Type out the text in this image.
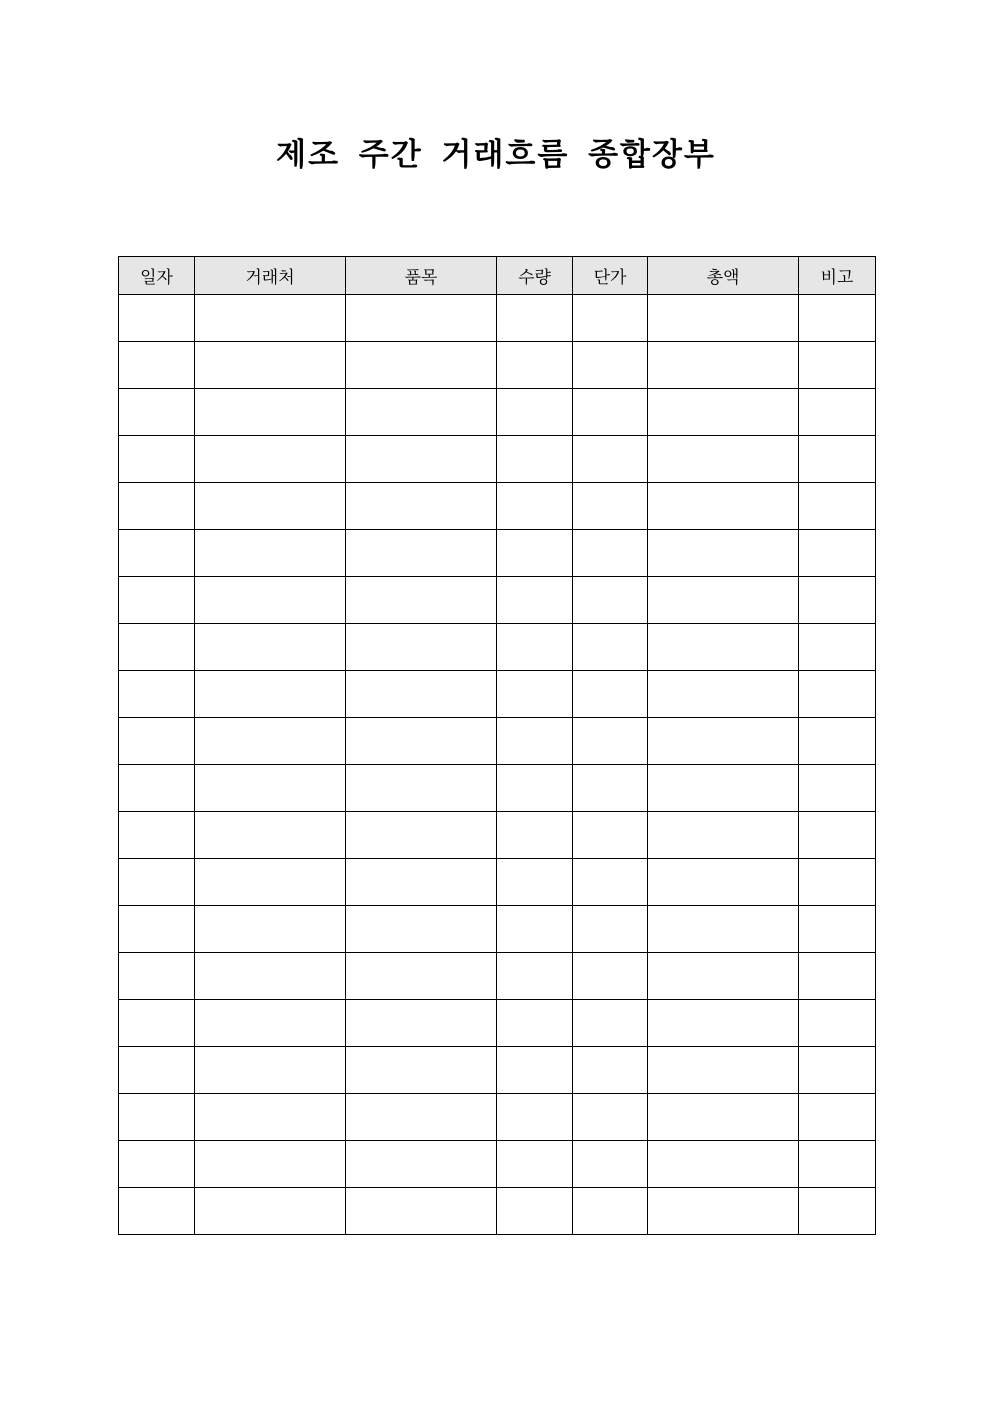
제조 주간 거래흐름 종합장부
일자	거래처	품목	수량	단가	총액	비고
